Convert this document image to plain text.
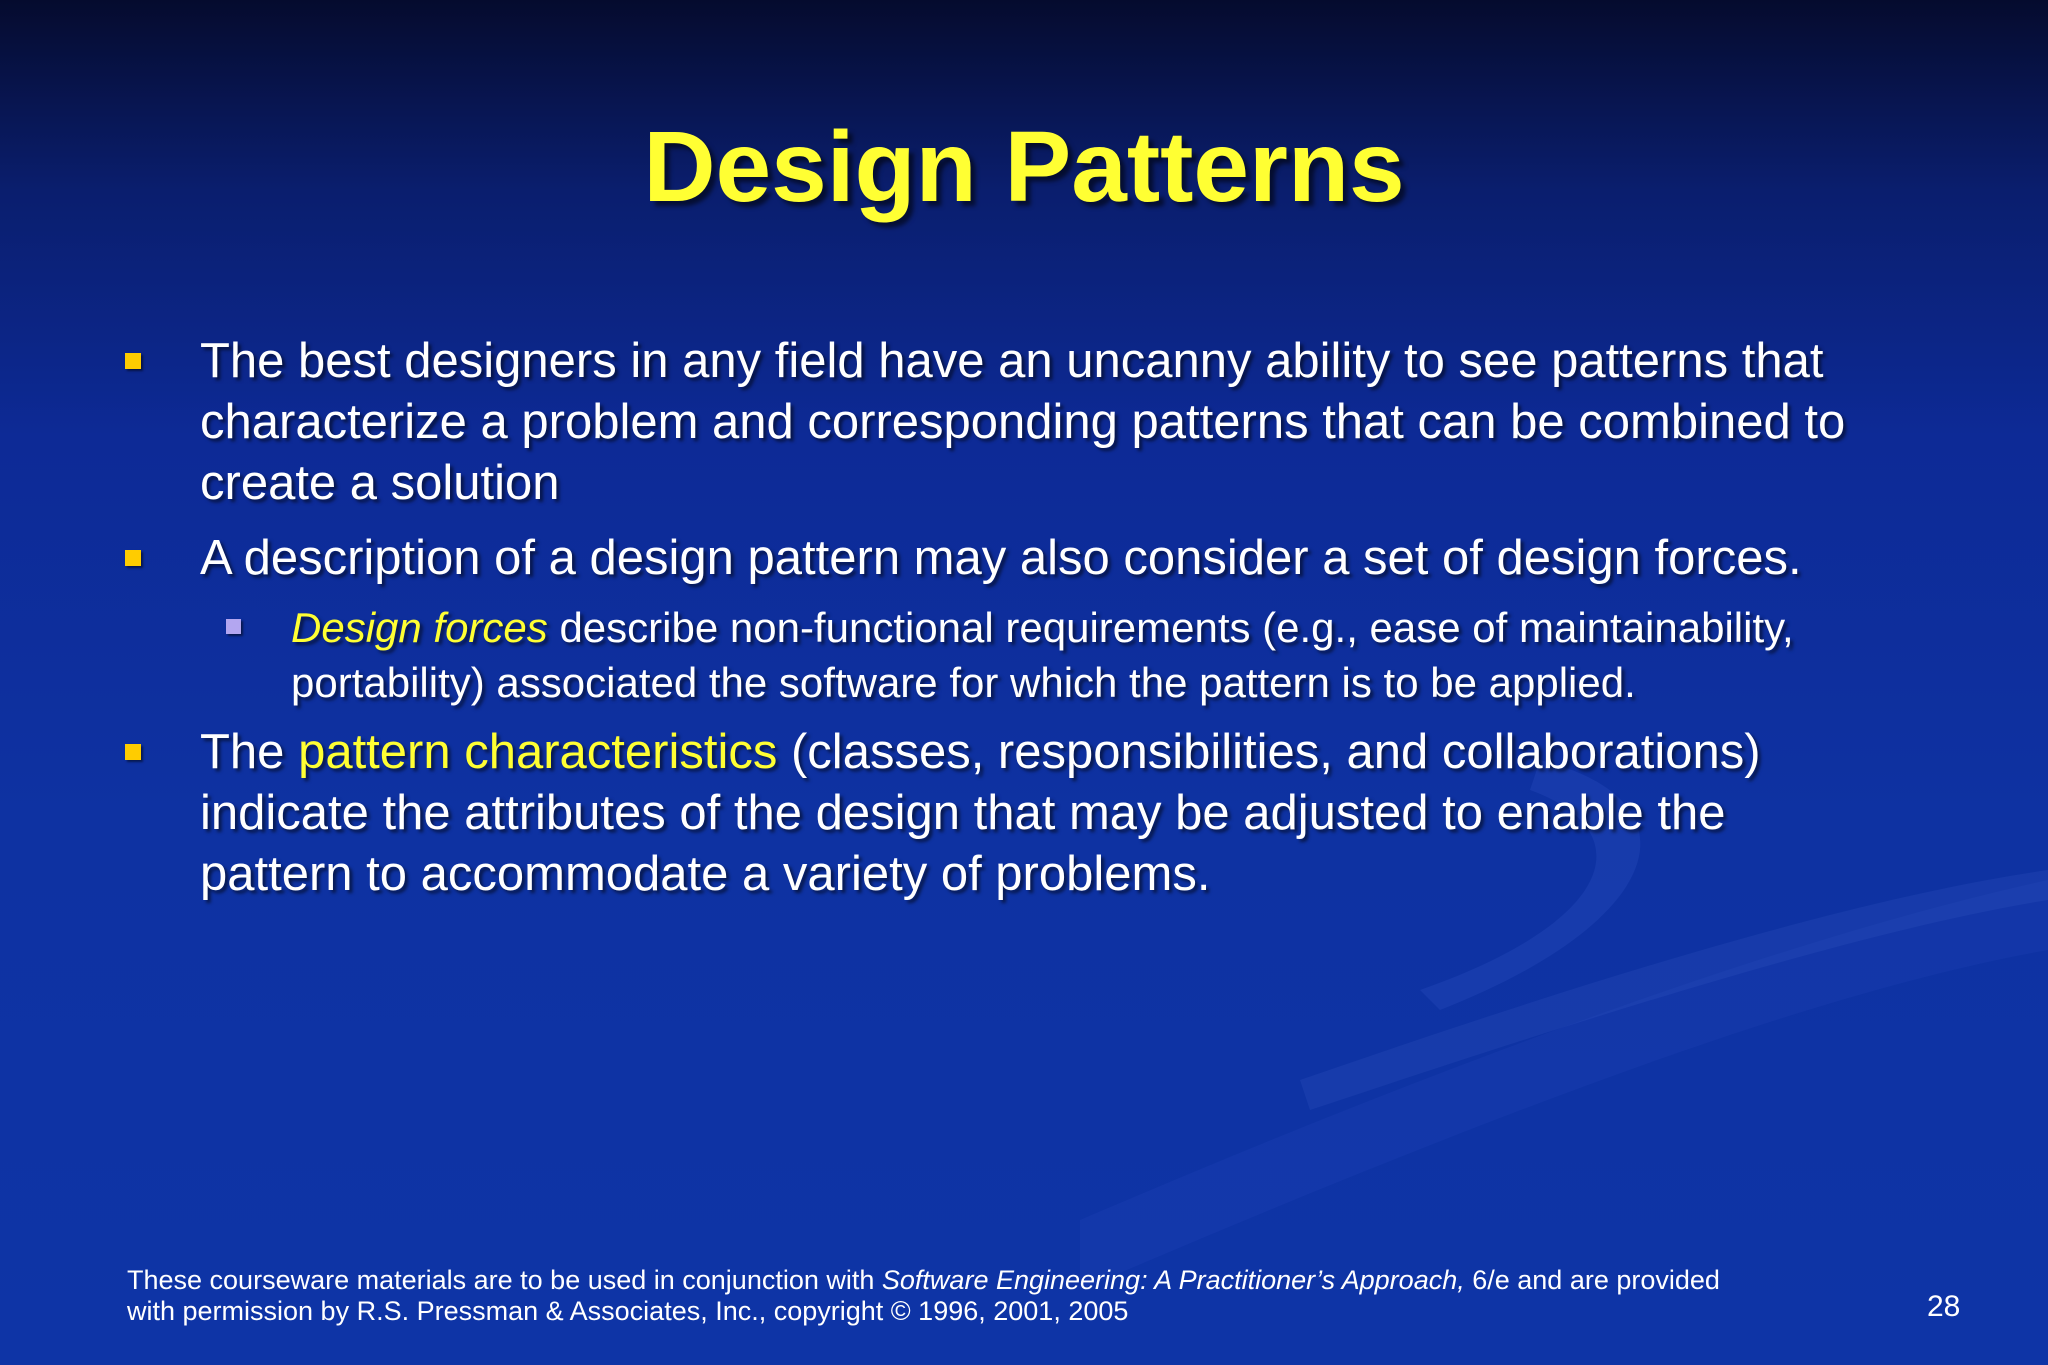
Design Patterns
The best designers in any field have an uncanny ability to see patterns that
characterize a problem and corresponding patterns that can be combined to
create a solution
A description of a design pattern may also consider a set of design forces.
Design forces describe non-functional requirements (e.g., ease of maintainability,
portability) associated the software for which the pattern is to be applied.
The pattern characteristics (classes, responsibilities, and collaborations)
indicate the attributes of the design that may be adjusted to enable the
pattern to accommodate a variety of problems.
These courseware materials are to be used in conjunction with Software Engineering: A Practitioner’s Approach, 6/e and are provided
with permission by R.S. Pressman & Associates, Inc., copyright © 1996, 2001, 2005	28
